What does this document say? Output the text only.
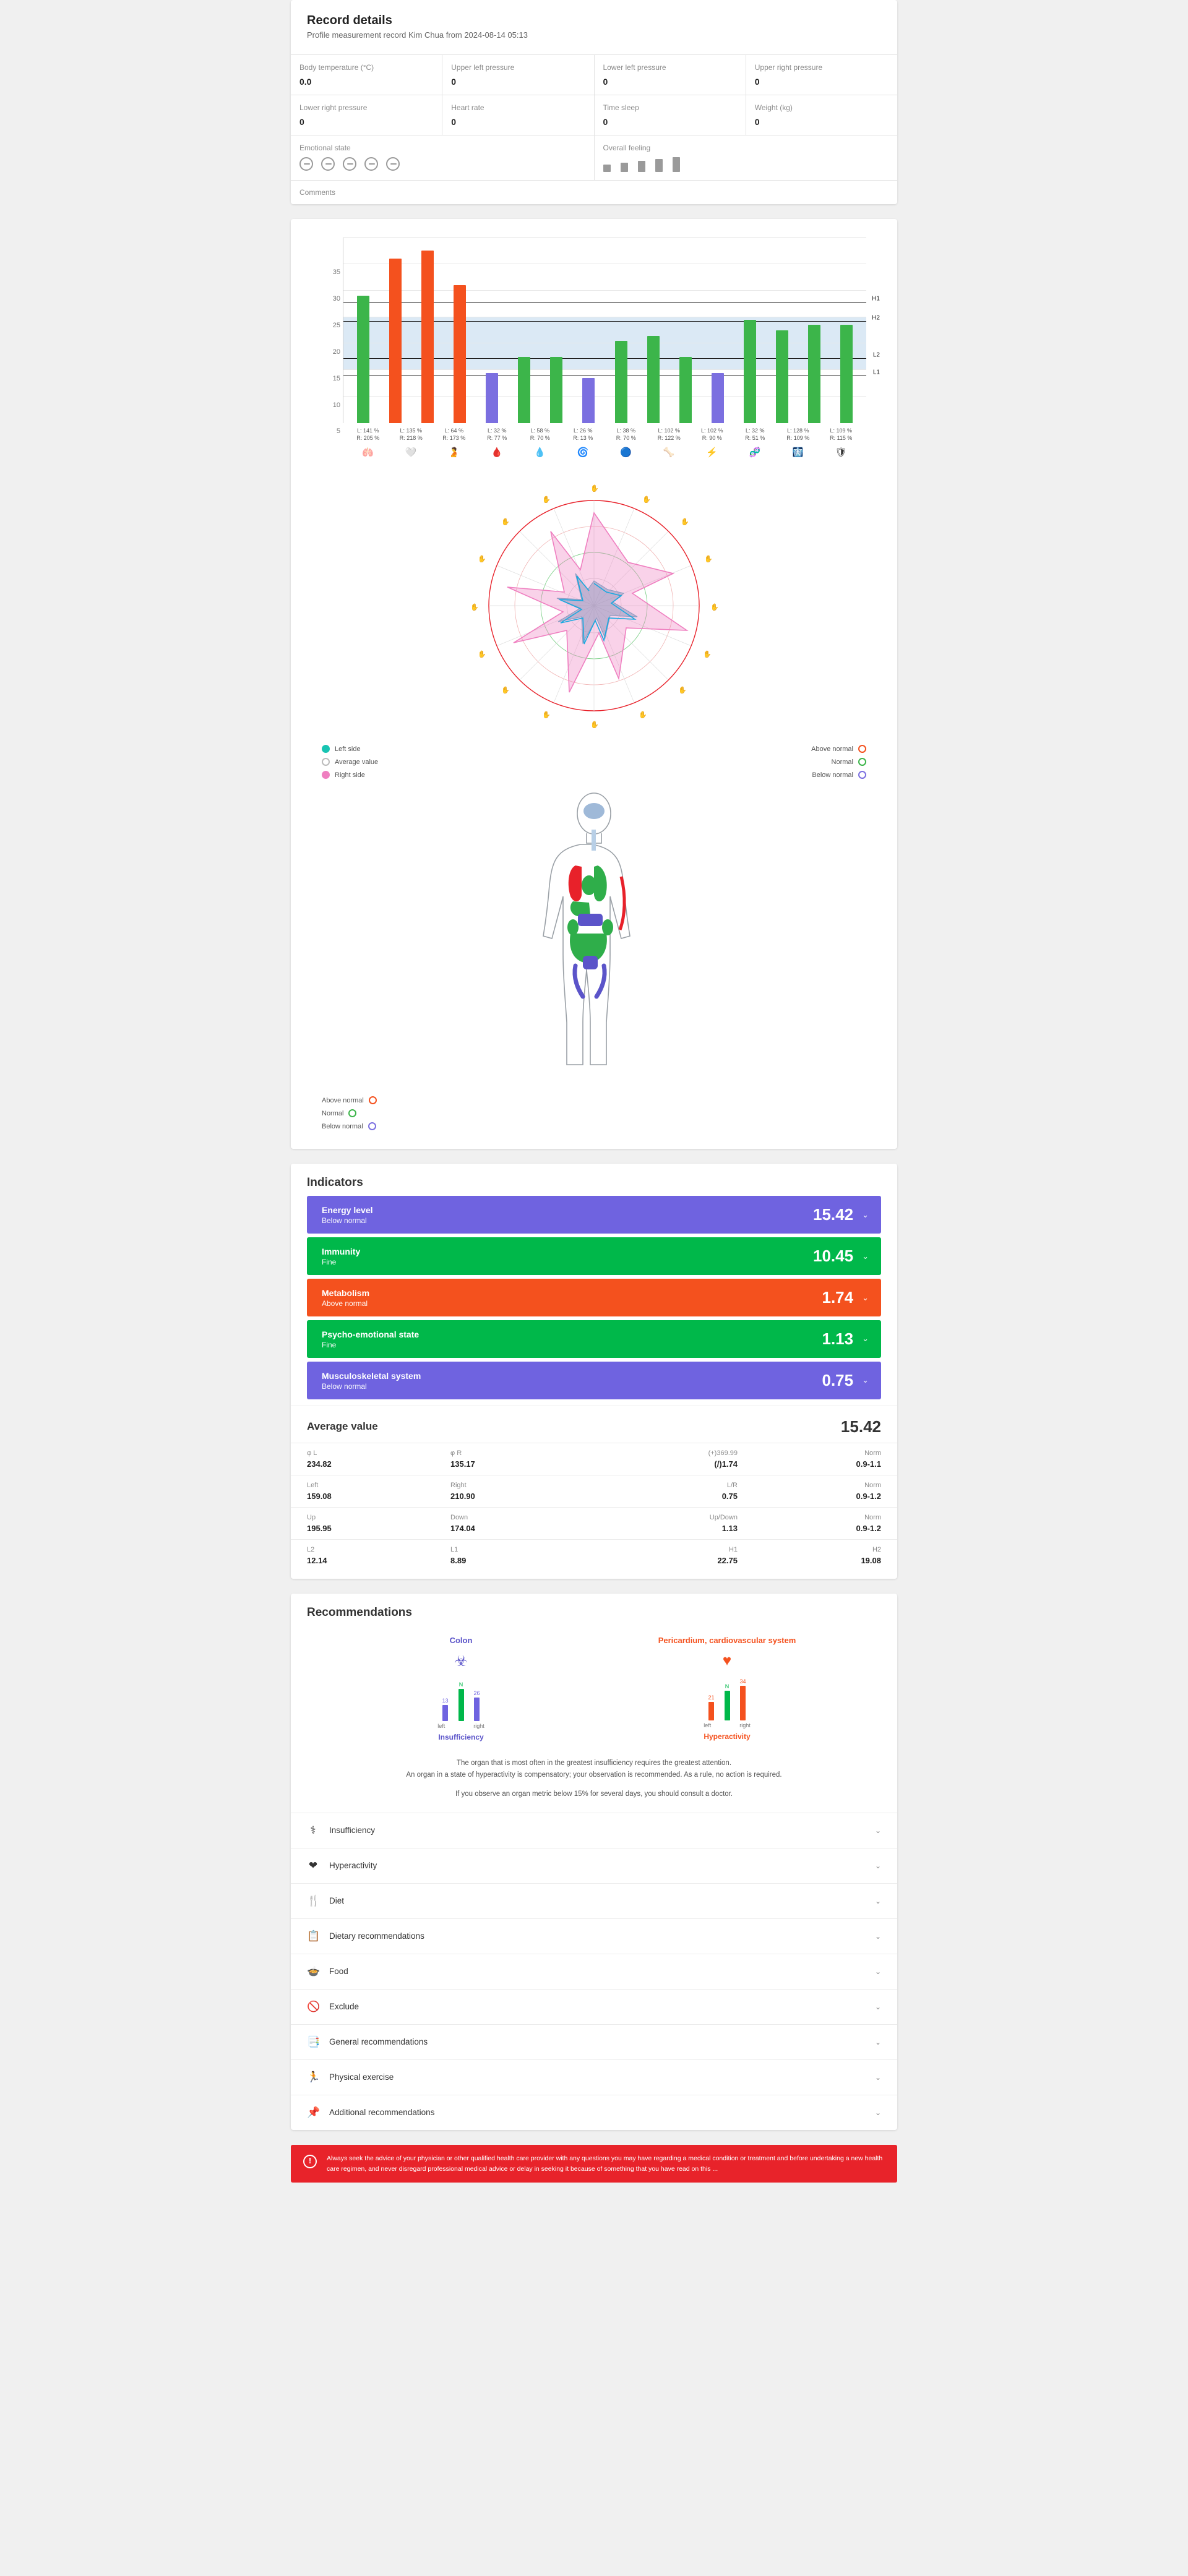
Record details
Profile measurement record Kim Chua from 2024-08-14 05:13
Body temperature (°C)
0.0
Upper left pressure
0
Lower left pressure
0
Upper right pressure
0
Lower right pressure
0
Heart rate
0
Time sleep
0
Weight (kg)
0
Emotional state	Overall feeling
Comments
H2
H1
L1
L2
5
10
15
20
25
30
35
L: 141 %
R: 205 %
L: 135 %
R: 218 %
L: 64 %
R: 173 %
L: 32 %
R: 77 %
L: 58 %
R: 70 %
L: 26 %
R: 13 %
L: 38 %
R: 70 %
L: 102 %
R: 122 %
L: 102 %
R: 90 %
L: 32 %
R: 51 %
L: 128 %
R: 109 %
L: 109 %
R: 115 %
🫁	🤍	🫄	🩸	💧	🌀	🔵	🦴	⚡	🧬	🩻	🛡
✋
✋
✋
✋
✋
✋
✋
✋
✋
✋
✋
✋
✋
✋
✋
✋
Left side
Average value
Right side
Above normal
Normal
Below normal
Above normal
Normal
Below normal
Indicators
Energy level
Below normal	15.42 ⌄
Immunity
Fine	10.45 ⌄
Metabolism
Above normal	1.74 ⌄
Psycho-emotional state
Fine	1.13 ⌄
Musculoskeletal system
Below normal	0.75 ⌄
Average value	15.42
φ L
234.82
φ R
135.17
(+)369.99
(/)1.74
Norm
0.9-1.1
Left
159.08
Right
210.90
L/R
0.75
Norm
0.9-1.2
Up
195.95
Down
174.04
Up/Down
1.13
Norm
0.9-1.2
L2
12.14
L1
8.89
H1
22.75
H2
19.08
Recommendations
Colon
☣
13
N
26
left	right
Insufficiency
Pericardium, cardiovascular system
♥
21
N
34
left	right
Hyperactivity
The organ that is most often in the greatest insufficiency requires the greatest attention.
An organ in a state of hyperactivity is compensatory; your observation is recommended. As a rule, no action is required.
If you observe an organ metric below 15% for several days, you should consult a doctor.
⚕	Insufficiency	⌄
❤ Hyperactivity	⌄
🍴 Diet	⌄
📋 Dietary recommendations	⌄
🍲 Food	⌄
🚫 Exclude	⌄
📑 General recommendations	⌄
🏃 Physical exercise	⌄
📌 Additional recommendations	⌄
!	Always seek the advice of your physician or other qualified health care provider with any questions you may have regarding a medical condition or treatment and before undertaking a new health care regimen, and never disregard professional medical advice or delay in seeking it because of something that you have read on this ...
